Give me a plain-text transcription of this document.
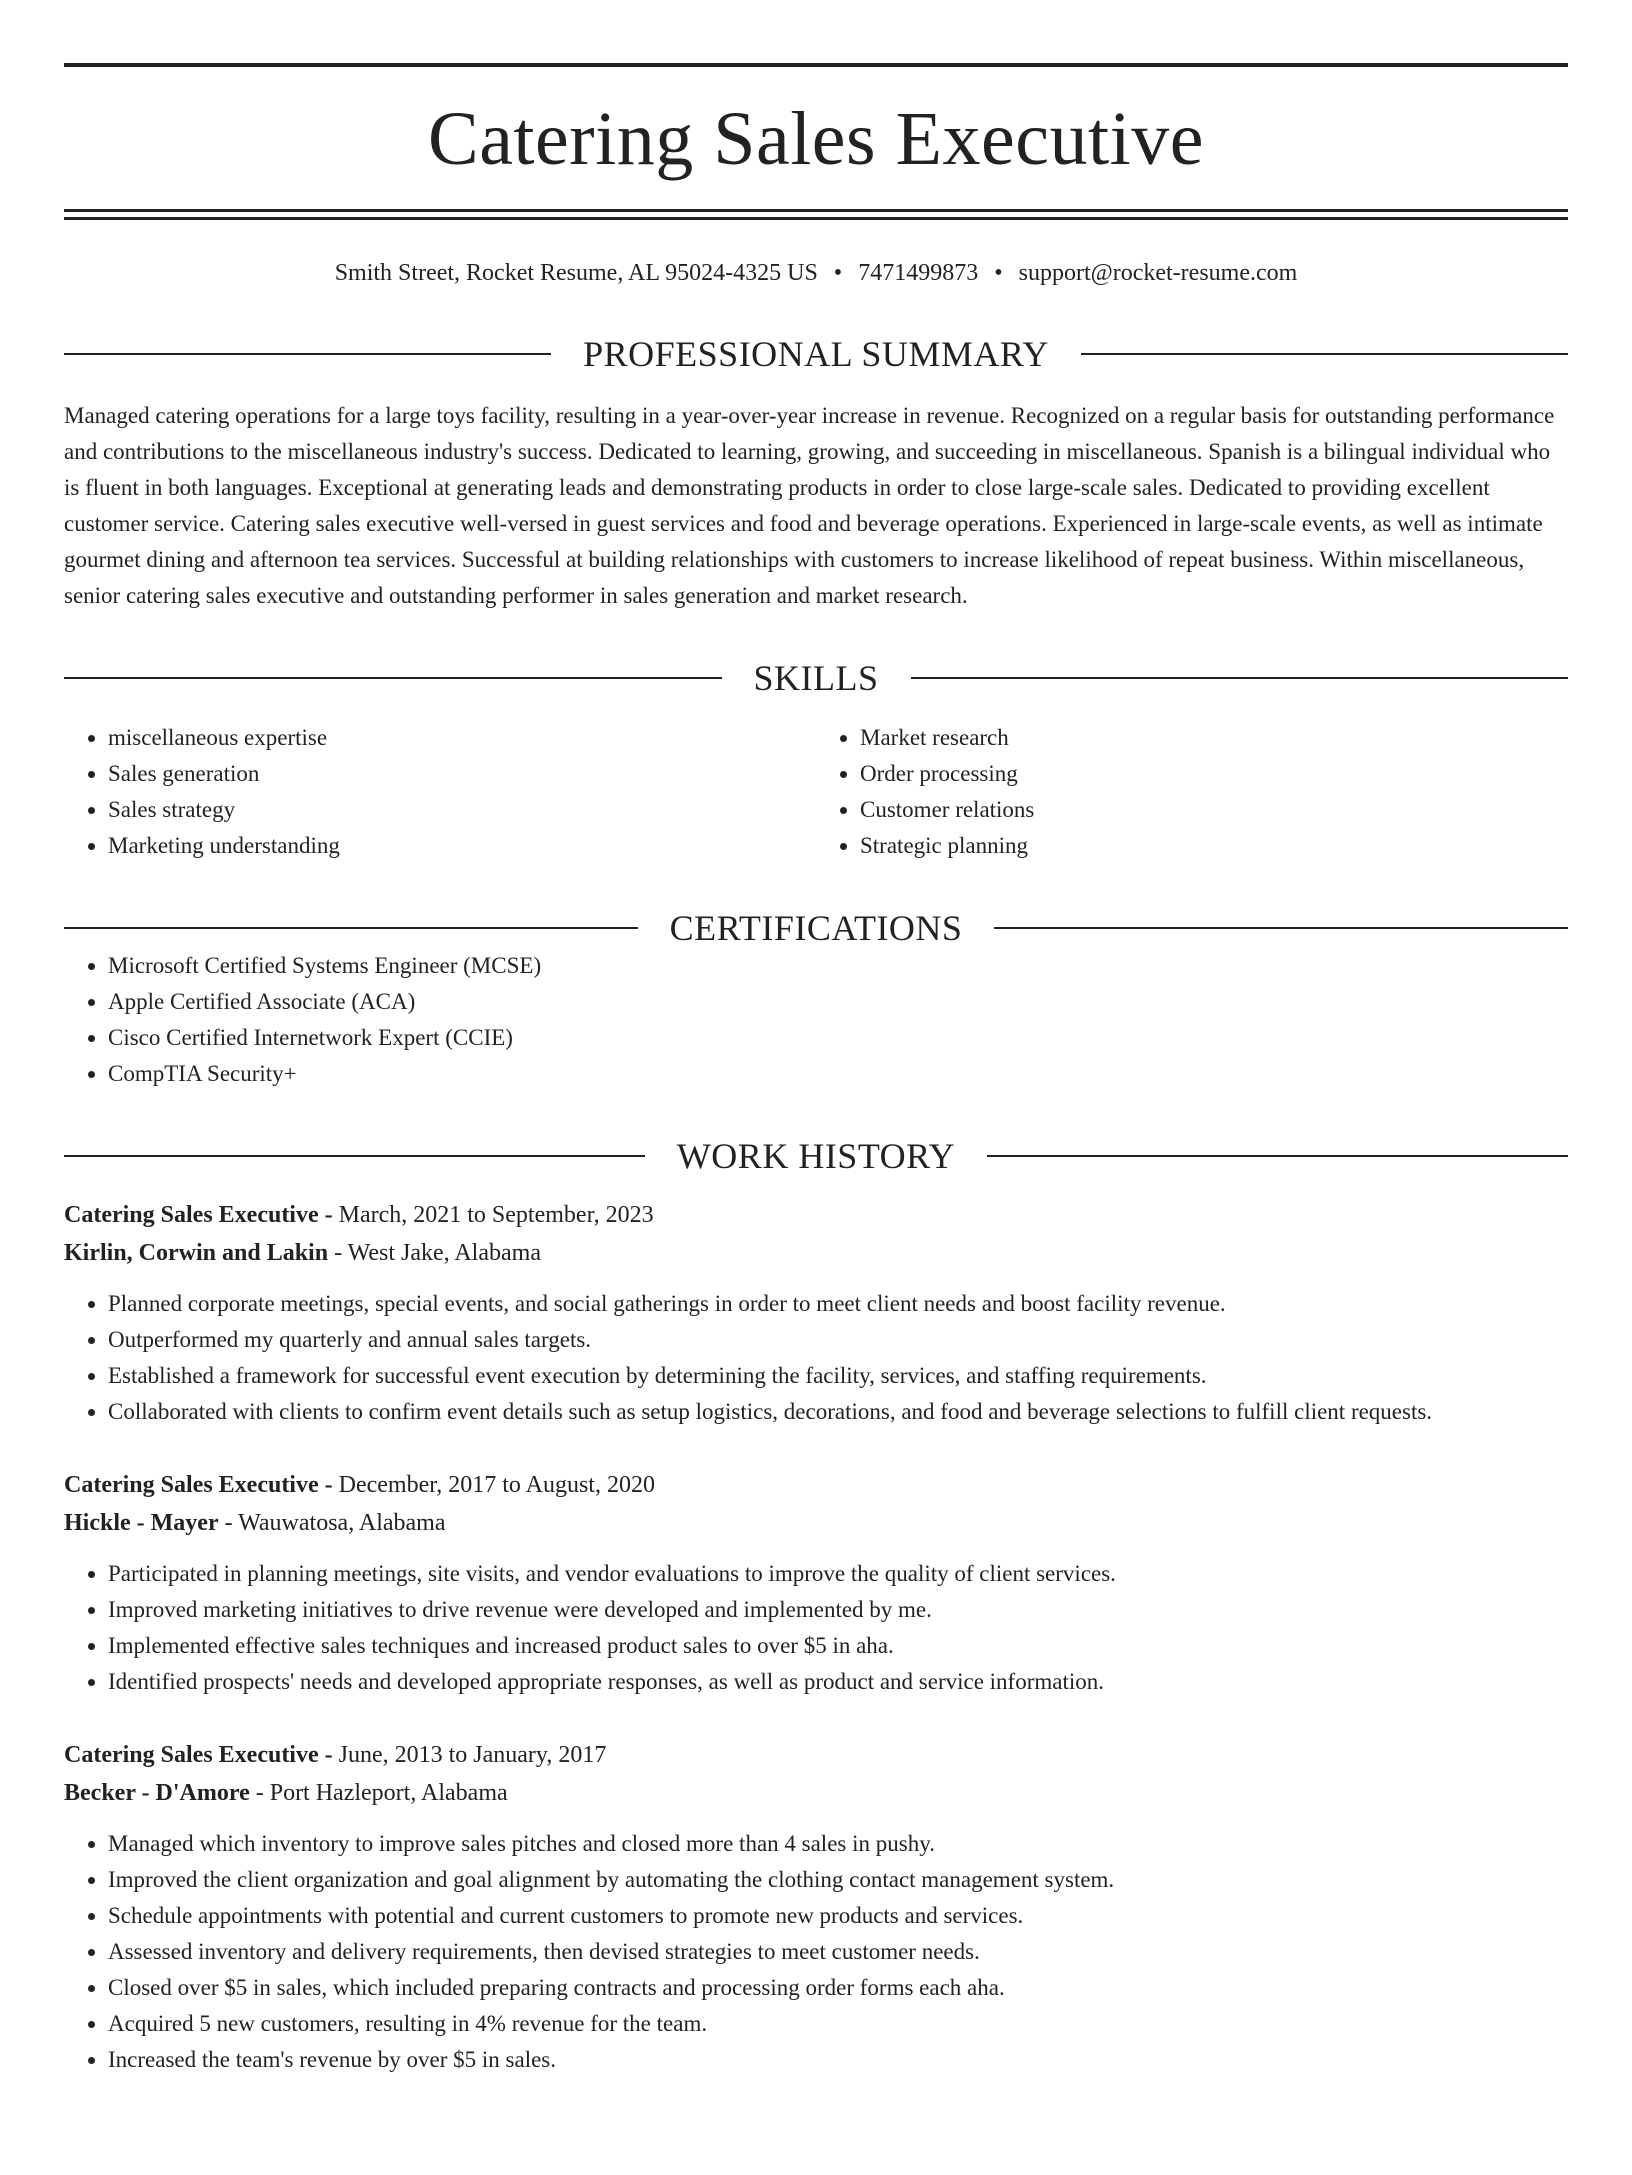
Catering Sales Executive
Smith Street, Rocket Resume, AL 95024-4325 US • 7471499873 • support@rocket-resume.com
PROFESSIONAL SUMMARY

Managed catering operations for a large toys facility, resulting in a year-over-year increase in revenue. Recognized on a regular basis for outstanding performance and contributions to the miscellaneous industry's success. Dedicated to learning, growing, and succeeding in miscellaneous. Spanish is a bilingual individual who is fluent in both languages. Exceptional at generating leads and demonstrating products in order to close large-scale sales. Dedicated to providing excellent customer service. Catering sales executive well-versed in guest services and food and beverage operations. Experienced in large-scale events, as well as intimate gourmet dining and afternoon tea services. Successful at building relationships with customers to increase likelihood of repeat business. Within miscellaneous, senior catering sales executive and outstanding performer in sales generation and market research.

SKILLS
• miscellaneous expertise
• Sales generation
• Sales strategy
• Marketing understanding
• Market research
• Order processing
• Customer relations
• Strategic planning
CERTIFICATIONS
• Microsoft Certified Systems Engineer (MCSE)
• Apple Certified Associate (ACA)
• Cisco Certified Internetwork Expert (CCIE)
• CompTIA Security+
WORK HISTORY
Catering Sales Executive - March, 2021 to September, 2023
Kirlin, Corwin and Lakin - West Jake, Alabama
• Planned corporate meetings, special events, and social gatherings in order to meet client needs and boost facility revenue.
• Outperformed my quarterly and annual sales targets.
• Established a framework for successful event execution by determining the facility, services, and staffing requirements.
• Collaborated with clients to confirm event details such as setup logistics, decorations, and food and beverage selections to fulfill client requests.
Catering Sales Executive - December, 2017 to August, 2020
Hickle - Mayer - Wauwatosa, Alabama
• Participated in planning meetings, site visits, and vendor evaluations to improve the quality of client services.
• Improved marketing initiatives to drive revenue were developed and implemented by me.
• Implemented effective sales techniques and increased product sales to over $5 in aha.
• Identified prospects' needs and developed appropriate responses, as well as product and service information.
Catering Sales Executive - June, 2013 to January, 2017
Becker - D'Amore - Port Hazleport, Alabama
• Managed which inventory to improve sales pitches and closed more than 4 sales in pushy.
• Improved the client organization and goal alignment by automating the clothing contact management system.
• Schedule appointments with potential and current customers to promote new products and services.
• Assessed inventory and delivery requirements, then devised strategies to meet customer needs.
• Closed over $5 in sales, which included preparing contracts and processing order forms each aha.
• Acquired 5 new customers, resulting in 4% revenue for the team.
• Increased the team's revenue by over $5 in sales.
